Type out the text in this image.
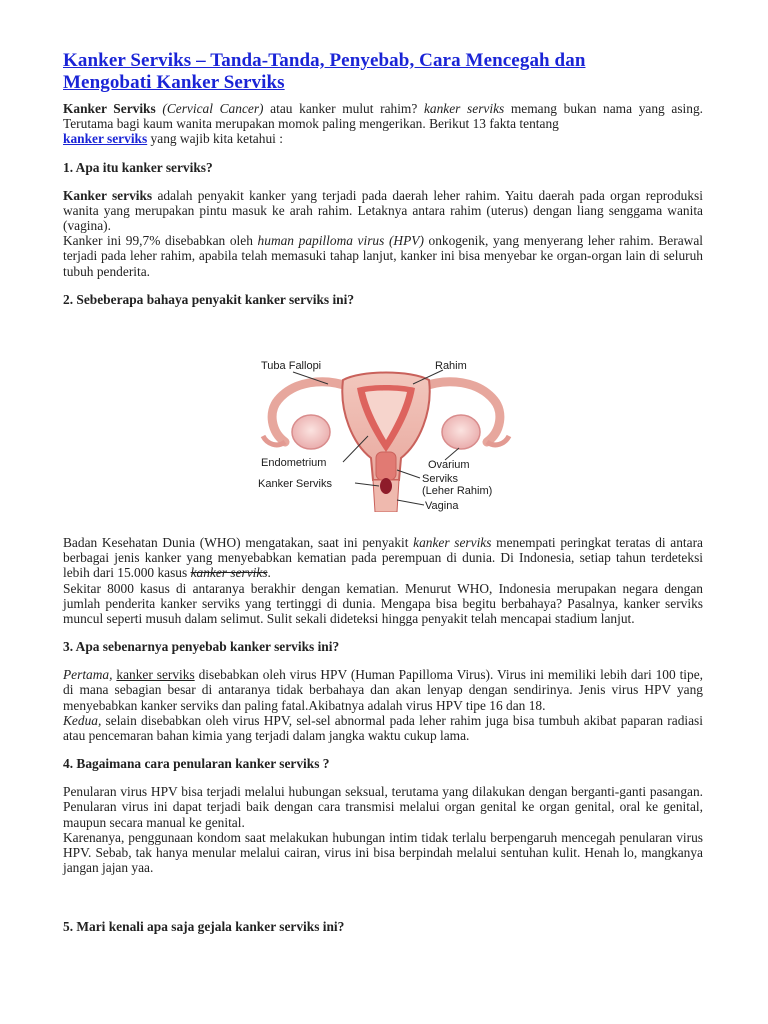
Kanker Serviks – Tanda-Tanda, Penyebab, Cara Mencegah dan
Mengobati Kanker Serviks

Kanker Serviks (Cervical Cancer) atau kanker mulut rahim? kanker serviks memang bukan nama yang asing. Terutama bagi kaum wanita merupakan momok paling mengerikan. Berikut 13 fakta tentang
kanker serviks yang wajib kita ketahui :

1. Apa itu kanker serviks?

Kanker serviks adalah penyakit kanker yang terjadi pada daerah leher rahim. Yaitu daerah pada organ reproduksi wanita yang merupakan pintu masuk ke arah rahim. Letaknya antara rahim (uterus) dengan liang senggama wanita (vagina).
Kanker ini 99,7% disebabkan oleh human papilloma virus (HPV) onkogenik, yang menyerang leher rahim. Berawal terjadi pada leher rahim, apabila telah memasuki tahap lanjut, kanker ini bisa menyebar ke organ-organ lain di seluruh tubuh penderita.

2. Sebeberapa bahaya penyakit kanker serviks ini?

Tuba Fallopi	Rahim
Endometrium	Ovarium
Kanker Serviks	Serviks
(Leher Rahim)
Vagina

Badan Kesehatan Dunia (WHO) mengatakan, saat ini penyakit kanker serviks menempati peringkat teratas di antara berbagai jenis kanker yang menyebabkan kematian pada perempuan di dunia. Di Indonesia, setiap tahun terdeteksi lebih dari 15.000 kasus kanker serviks.
Sekitar 8000 kasus di antaranya berakhir dengan kematian. Menurut WHO, Indonesia merupakan negara dengan jumlah penderita kanker serviks yang tertinggi di dunia. Mengapa bisa begitu berbahaya? Pasalnya, kanker serviks muncul seperti musuh dalam selimut. Sulit sekali dideteksi hingga penyakit telah mencapai stadium lanjut.

3. Apa sebenarnya penyebab kanker serviks ini?

Pertama, kanker serviks disebabkan oleh virus HPV (Human Papilloma Virus). Virus ini memiliki lebih dari 100 tipe, di mana sebagian besar di antaranya tidak berbahaya dan akan lenyap dengan sendirinya. Jenis virus HPV yang menyebabkan kanker serviks dan paling fatal.Akibatnya adalah virus HPV tipe 16 dan 18.
Kedua, selain disebabkan oleh virus HPV, sel-sel abnormal pada leher rahim juga bisa tumbuh akibat paparan radiasi atau pencemaran bahan kimia yang terjadi dalam jangka waktu cukup lama.

4. Bagaimana cara penularan kanker serviks ?

Penularan virus HPV bisa terjadi melalui hubungan seksual, terutama yang dilakukan dengan berganti-ganti pasangan. Penularan virus ini dapat terjadi baik dengan cara transmisi melalui organ genital ke organ genital, oral ke genital, maupun secara manual ke genital.
Karenanya, penggunaan kondom saat melakukan hubungan intim tidak terlalu berpengaruh mencegah penularan virus HPV. Sebab, tak hanya menular melalui cairan, virus ini bisa berpindah melalui sentuhan kulit. Henah lo, mangkanya jangan jajan yaa.

5. Mari kenali apa saja gejala kanker serviks ini?
